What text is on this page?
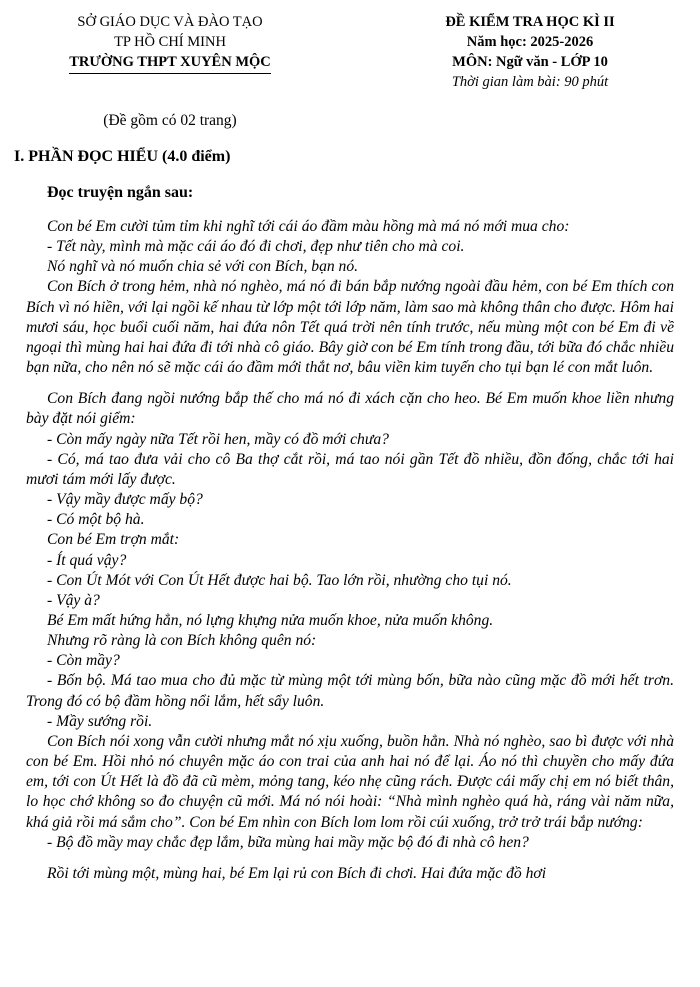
SỞ GIÁO DỤC VÀ ĐÀO TẠO
TP HỒ CHÍ MINH
TRƯỜNG THPT XUYÊN MỘC
ĐỀ KIỂM TRA HỌC KÌ II
Năm học: 2025-2026
MÔN: Ngữ văn - LỚP 10
Thời gian làm bài: 90 phút
(Đề gồm có 02 trang)
I. PHẦN ĐỌC HIỂU (4.0 điểm)
Đọc truyện ngắn sau:

Con bé Em cười tủm tỉm khi nghĩ tới cái áo đầm màu hồng mà má nó mới mua cho:

- Tết này, mình mà mặc cái áo đó đi chơi, đẹp như tiên cho mà coi.

Nó nghĩ và nó muốn chia sẻ với con Bích, bạn nó.

Con Bích ở trong hẻm, nhà nó nghèo, má nó đi bán bắp nướng ngoài đầu hẻm, con bé Em thích con Bích vì nó hiền, với lại ngồi kế nhau từ lớp một tới lớp năm, làm sao mà không thân cho được. Hôm hai mươi sáu, học buổi cuối năm, hai đứa nôn Tết quá trời nên tính trước, nếu mùng một con bé Em đi về ngoại thì mùng hai hai đứa đi tới nhà cô giáo. Bây giờ con bé Em tính trong đầu, tới bữa đó chắc nhiều bạn nữa, cho nên nó sẽ mặc cái áo đầm mới thắt nơ, bâu viền kim tuyến cho tụi bạn lé con mắt luôn.

Con Bích đang ngồi nướng bắp thế cho má nó đi xách cặn cho heo. Bé Em muốn khoe liền nhưng bày đặt nói giểm:

- Còn mấy ngày nữa Tết rồi hen, mầy có đồ mới chưa?

- Có, má tao đưa vải cho cô Ba thợ cắt rồi, má tao nói gần Tết đồ nhiều, đồn đống, chắc tới hai mươi tám mới lấy được.

- Vậy mầy được mấy bộ?

- Có một bộ hà.

Con bé Em trợn mắt:

- Ít quá vậy?

- Con Út Mót với Con Út Hết được hai bộ. Tao lớn rồi, nhường cho tụi nó.

- Vậy à?

Bé Em mất hứng hẳn, nó lựng khựng nửa muốn khoe, nửa muốn không.

Nhưng rõ ràng là con Bích không quên nó:

- Còn mầy?

- Bốn bộ. Má tao mua cho đủ mặc từ mùng một tới mùng bốn, bữa nào cũng mặc đồ mới hết trơn. Trong đó có bộ đầm hồng nổi lắm, hết sẩy luôn.

- Mầy sướng rồi.

Con Bích nói xong vẫn cười nhưng mắt nó xịu xuống, buồn hẳn. Nhà nó nghèo, sao bì được với nhà con bé Em. Hồi nhỏ nó chuyên mặc áo con trai của anh hai nó để lại. Áo nó thì chuyền cho mấy đứa em, tới con Út Hết là đồ đã cũ mèm, mỏng tang, kéo nhẹ cũng rách. Được cái mấy chị em nó biết thân, lo học chớ không so đo chuyện cũ mới. Má nó nói hoài: “Nhà mình nghèo quá hà, ráng vài năm nữa, khá giả rồi má sắm cho”. Con bé Em nhìn con Bích lom lom rồi cúi xuống, trở trở trái bắp nướng:

- Bộ đồ mầy may chắc đẹp lắm, bữa mùng hai mầy mặc bộ đó đi nhà cô hen?

Rồi tới mùng một, mùng hai, bé Em lại rủ con Bích đi chơi. Hai đứa mặc đồ hơi
